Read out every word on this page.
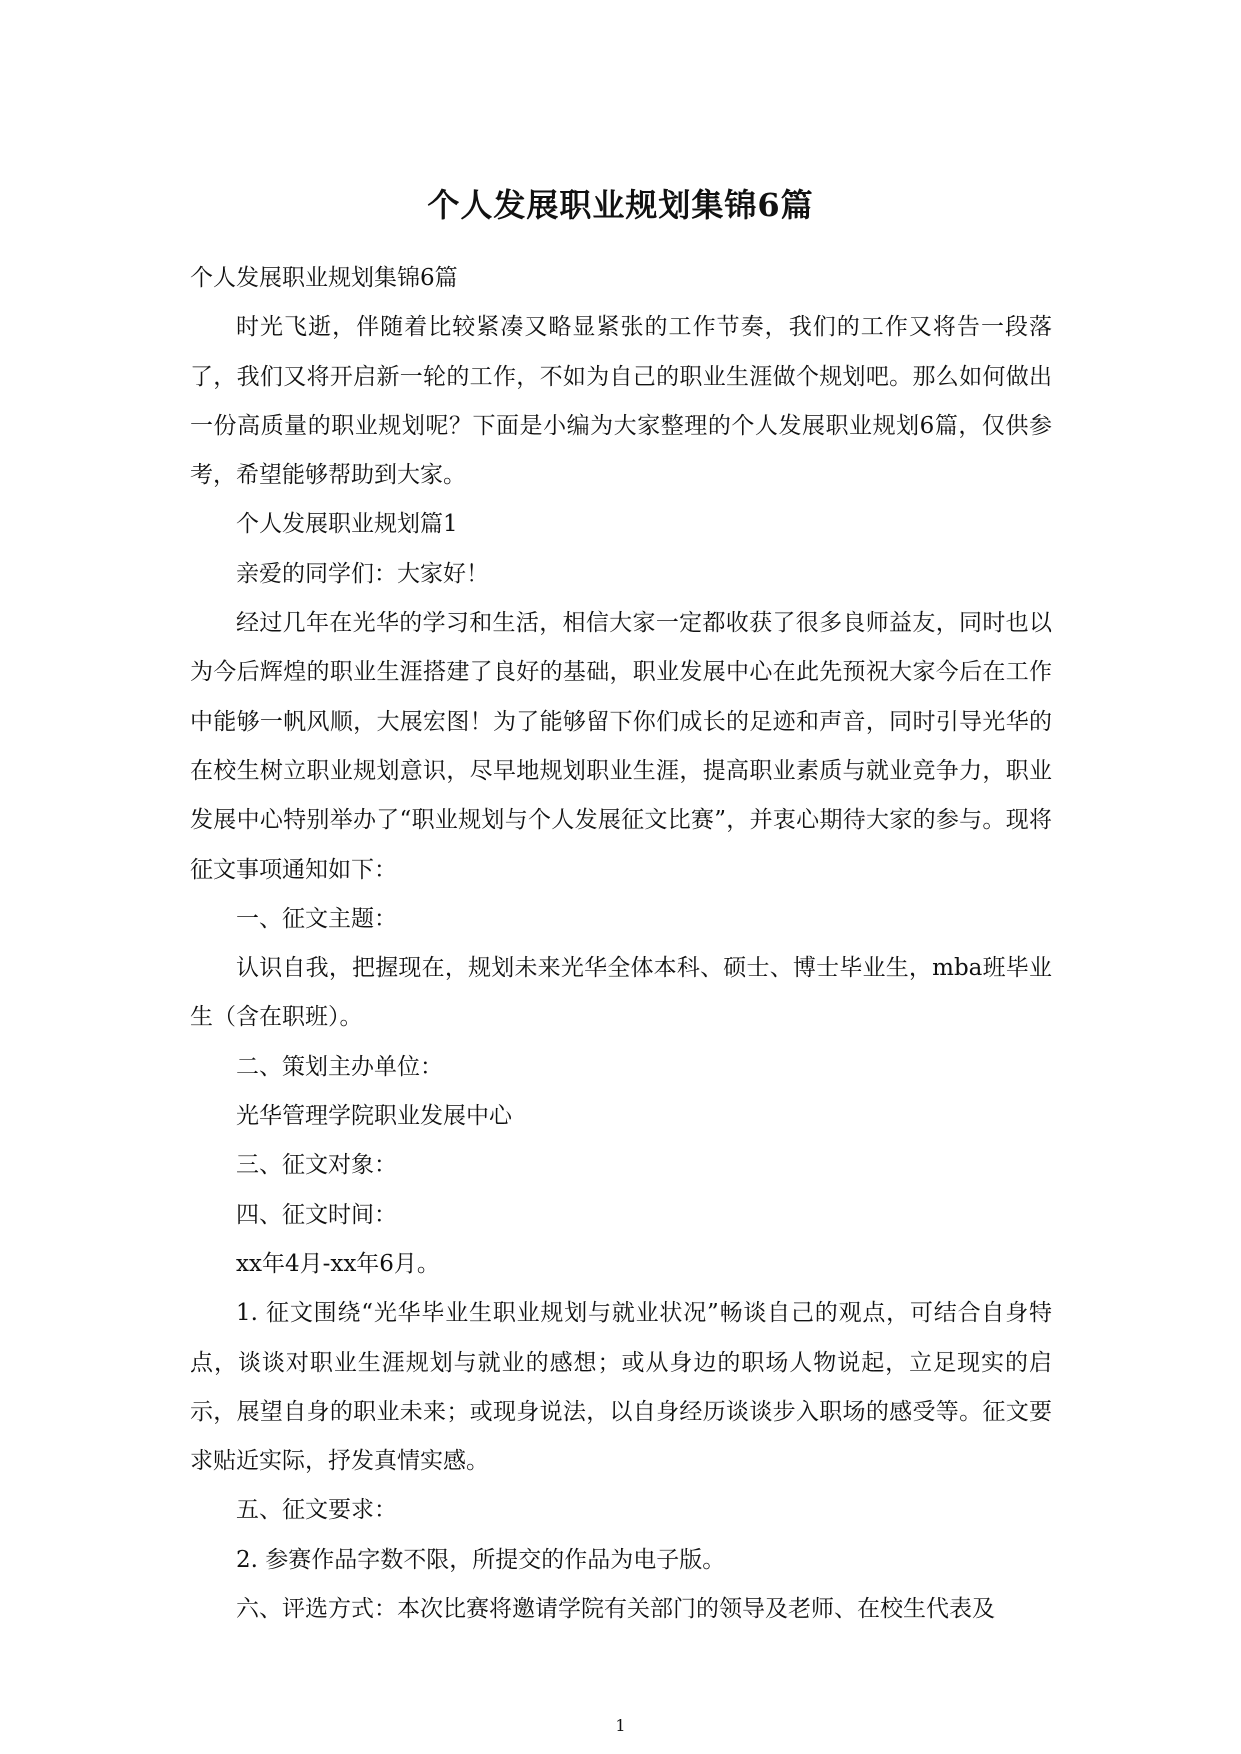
个人发展职业规划集锦6篇

个人发展职业规划集锦6篇

时光飞逝，伴随着比较紧凑又略显紧张的工作节奏，我们的工作又将告一段落了，我们又将开启新一轮的工作，不如为自己的职业生涯做个规划吧。那么如何做出一份高质量的职业规划呢？下面是小编为大家整理的个人发展职业规划6篇，仅供参考，希望能够帮助到大家。

个人发展职业规划篇1

亲爱的同学们：大家好！

经过几年在光华的学习和生活，相信大家一定都收获了很多良师益友，同时也以为今后辉煌的职业生涯搭建了良好的基础，职业发展中心在此先预祝大家今后在工作中能够一帆风顺，大展宏图！为了能够留下你们成长的足迹和声音，同时引导光华的在校生树立职业规划意识，尽早地规划职业生涯，提高职业素质与就业竞争力，职业发展中心特别举办了“职业规划与个人发展征文比赛”，并衷心期待大家的参与。现将征文事项通知如下：

一、征文主题：

认识自我，把握现在，规划未来光华全体本科、硕士、博士毕业生，mba班毕业生（含在职班）。

二、策划主办单位：

光华管理学院职业发展中心

三、征文对象：

四、征文时间：

xx年4月-xx年6月。

1. 征文围绕“光华毕业生职业规划与就业状况”畅谈自己的观点，可结合自身特点，谈谈对职业生涯规划与就业的感想；或从身边的职场人物说起，立足现实的启示，展望自身的职业未来；或现身说法，以自身经历谈谈步入职场的感受等。征文要求贴近实际，抒发真情实感。

五、征文要求：

2. 参赛作品字数不限，所提交的作品为电子版。

六、评选方式：本次比赛将邀请学院有关部门的领导及老师、在校生代表及

1
